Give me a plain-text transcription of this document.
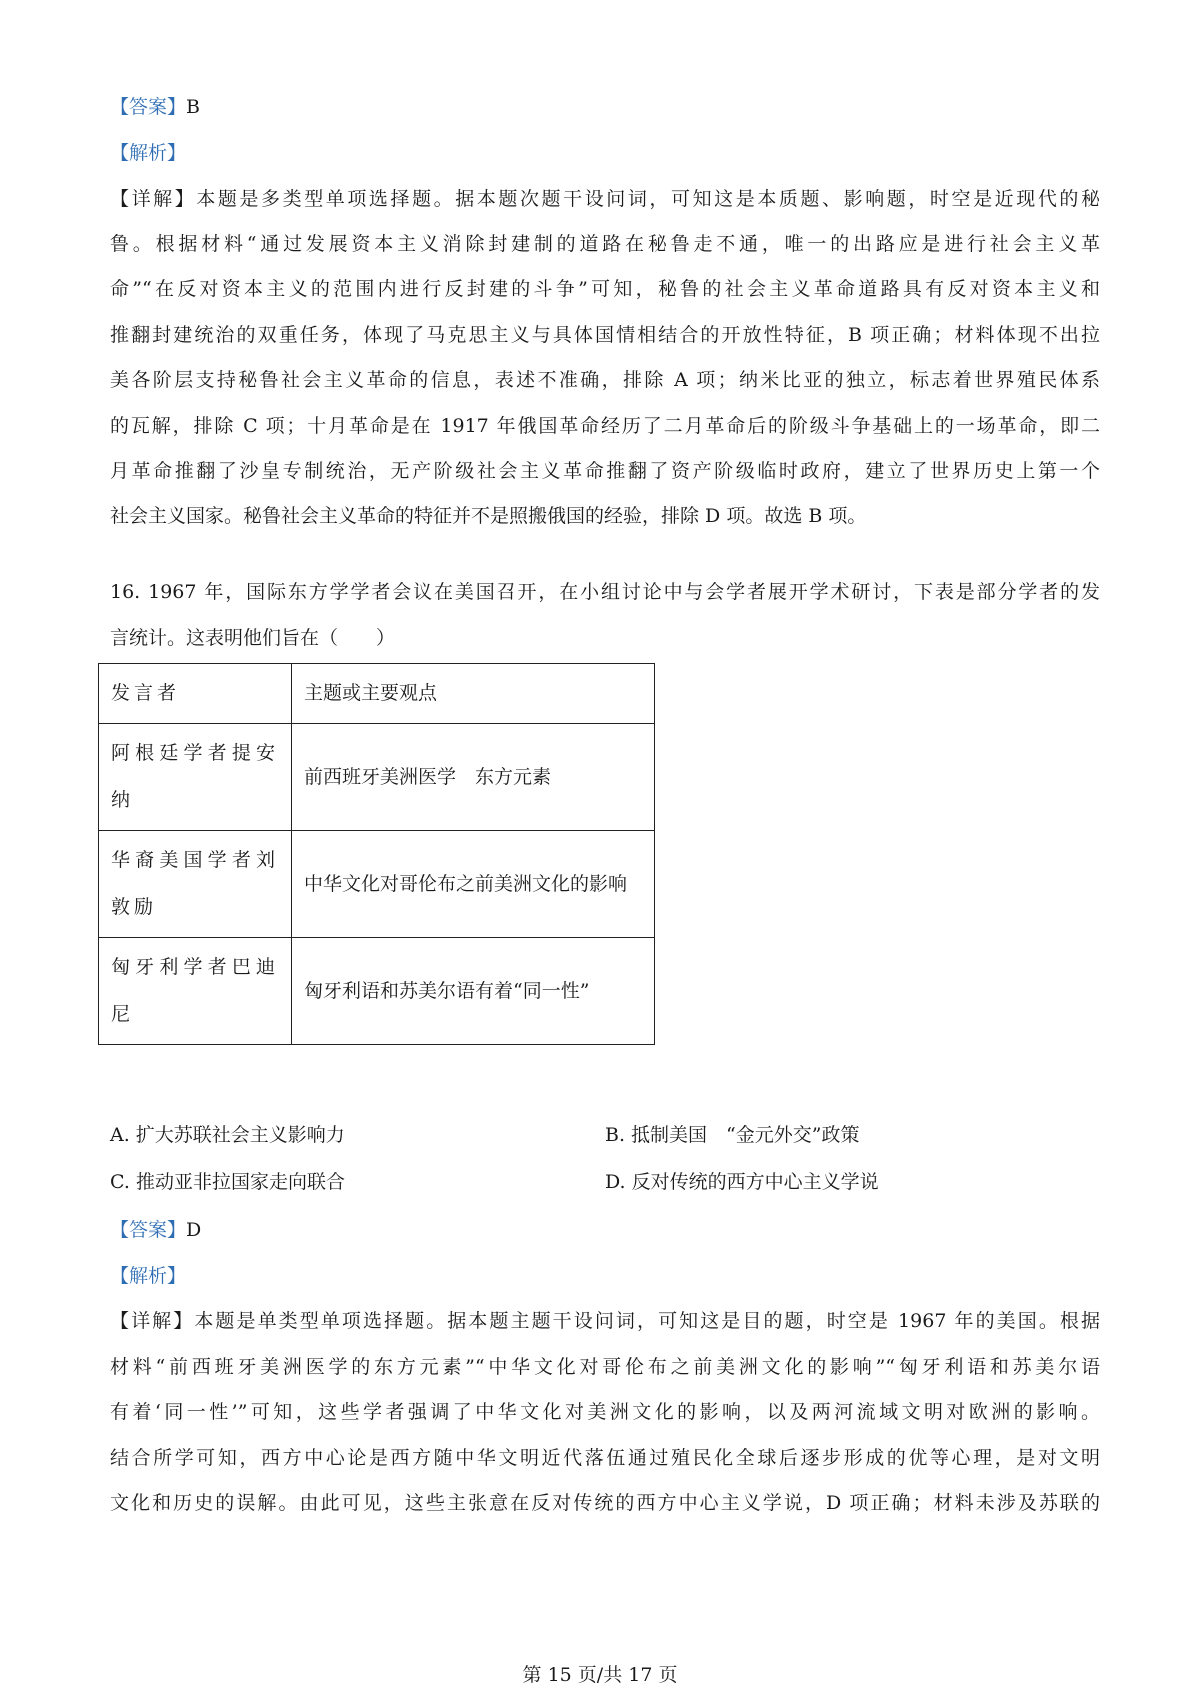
【答案】B
【解析】
【详解】本题是多类型单项选择题。据本题次题干设问词，可知这是本质题、影响题，时空是近现代的秘
鲁。根据材料“通过发展资本主义消除封建制的道路在秘鲁走不通，唯一的出路应是进行社会主义革
命”“在反对资本主义的范围内进行反封建的斗争”可知，秘鲁的社会主义革命道路具有反对资本主义和
推翻封建统治的双重任务，体现了马克思主义与具体国情相结合的开放性特征，B 项正确；材料体现不出拉
美各阶层支持秘鲁社会主义革命的信息，表述不准确，排除 A 项；纳米比亚的独立，标志着世界殖民体系
的瓦解，排除 C 项；十月革命是在 1917 年俄国革命经历了二月革命后的阶级斗争基础上的一场革命，即二
月革命推翻了沙皇专制统治，无产阶级社会主义革命推翻了资产阶级临时政府，建立了世界历史上第一个
社会主义国家。秘鲁社会主义革命的特征并不是照搬俄国的经验，排除 D 项。故选 B 项。
16. 1967 年，国际东方学学者会议在美国召开，在小组讨论中与会学者展开学术研讨，下表是部分学者的发
言统计。这表明他们旨在（　　）
发言者	主题或主要观点
阿根廷学者提安纳	前西班牙美洲医学　东方元素
华裔美国学者刘敦励	中华文化对哥伦布之前美洲文化的影响
匈牙利学者巴迪尼	匈牙利语和苏美尔语有着“同一性”
A. 扩大苏联社会主义影响力	B. 抵制美国　“金元外交”政策
C. 推动亚非拉国家走向联合	D. 反对传统的西方中心主义学说
【答案】D
【解析】
【详解】本题是单类型单项选择题。据本题主题干设问词，可知这是目的题，时空是 1967 年的美国。根据
材料“前西班牙美洲医学的东方元素”“中华文化对哥伦布之前美洲文化的影响”“匈牙利语和苏美尔语
有着‘同一性’”可知，这些学者强调了中华文化对美洲文化的影响，以及两河流域文明对欧洲的影响。
结合所学可知，西方中心论是西方随中华文明近代落伍通过殖民化全球后逐步形成的优等心理，是对文明
文化和历史的误解。由此可见，这些主张意在反对传统的西方中心主义学说，D 项正确；材料未涉及苏联的
第 15 页/共 17 页
